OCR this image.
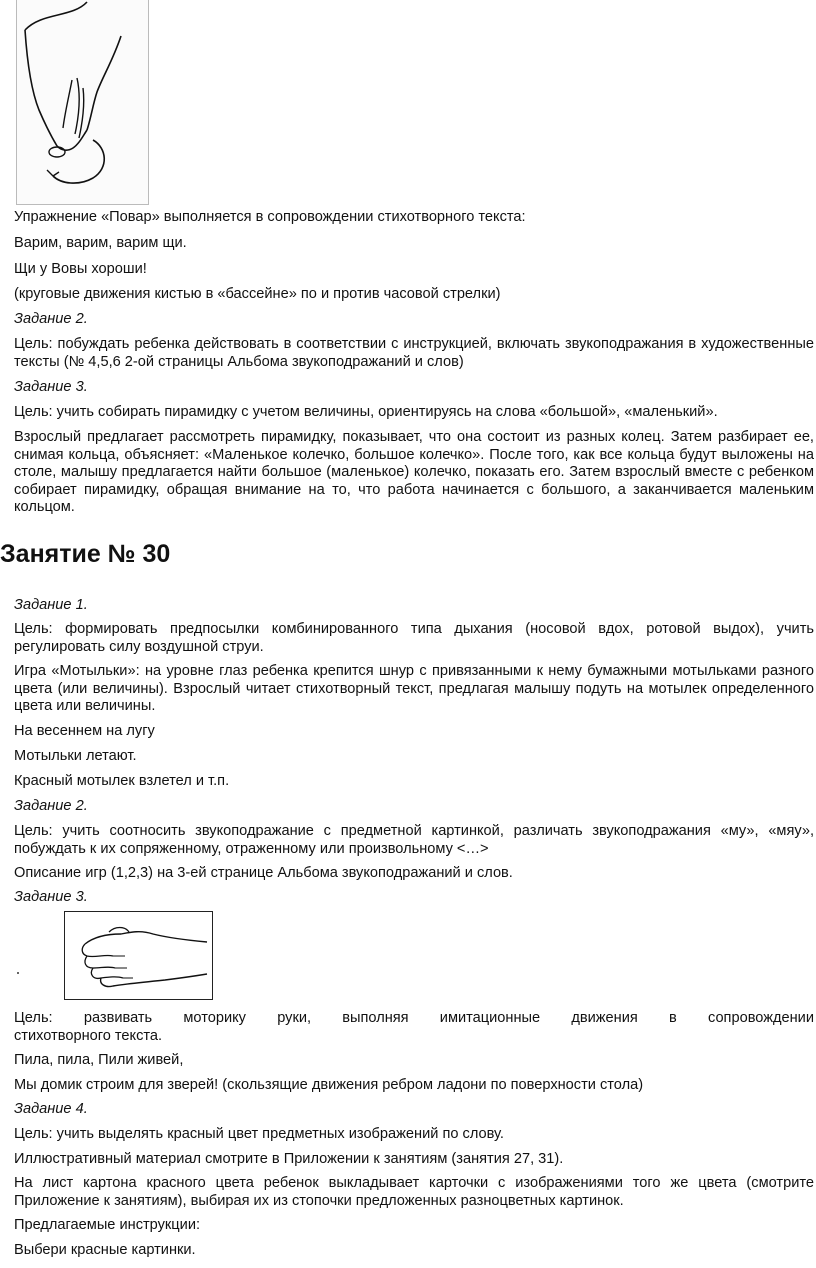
Упражнение «Повар» выполняется в сопровождении стихотворного текста:

Варим, варим, варим щи.

Щи у Вовы хороши!

(круговые движения кистью в «бассейне» по и против часовой стрелки)

Задание 2.

Цель: побуждать ребенка действовать в соответствии с инструкцией, включать звукоподражания в художественные тексты (№ 4,5,6 2-ой страницы Альбома звукоподражаний и слов)

Задание 3.

Цель: учить собирать пирамидку с учетом величины, ориентируясь на слова «большой», «маленький».

Взрослый предлагает рассмотреть пирамидку, показывает, что она состоит из разных колец. Затем разбирает ее, снимая кольца, объясняет: «Маленькое колечко, большое колечко». После того, как все кольца будут выложены на столе, малышу предлагается найти большое (маленькое) колечко, показать его. Затем взрослый вместе с ребенком собирает пирамидку, обращая внимание на то, что работа начинается с большого, а заканчивается маленьким кольцом.

Занятие № 30

Задание 1.

Цель: формировать предпосылки комбинированного типа дыхания (носовой вдох, ротовой выдох), учить регулировать силу воздушной струи.

Игра «Мотыльки»: на уровне глаз ребенка крепится шнур с привязанными к нему бумажными мотыльками разного цвета (или величины). Взрослый читает стихотворный текст, предлагая малышу подуть на мотылек определенного цвета или величины.

На весеннем на лугу

Мотыльки летают.

Красный мотылек взлетел и т.п.

Задание 2.

Цель: учить соотносить звукоподражание с предметной картинкой, различать звукоподражания «му», «мяу», побуждать к их сопряженному, отраженному или произвольному <…>

Описание игр (1,2,3) на 3-ей странице Альбома звукоподражаний и слов.

Задание 3.

Цель: развивать моторику руки, выполняя имитационные движения в сопровождении

стихотворного текста.

Пила, пила, Пили живей,

Мы домик строим для зверей! (скользящие движения ребром ладони по поверхности стола)

Задание 4.

Цель: учить выделять красный цвет предметных изображений по слову.

Иллюстративный материал смотрите в Приложении к занятиям (занятия 27, 31).

На лист картона красного цвета ребенок выкладывает карточки с изображениями того же цвета (смотрите Приложение к занятиям), выбирая их из стопочки предложенных разноцветных картинок.

Предлагаемые инструкции:

Выбери красные картинки.
